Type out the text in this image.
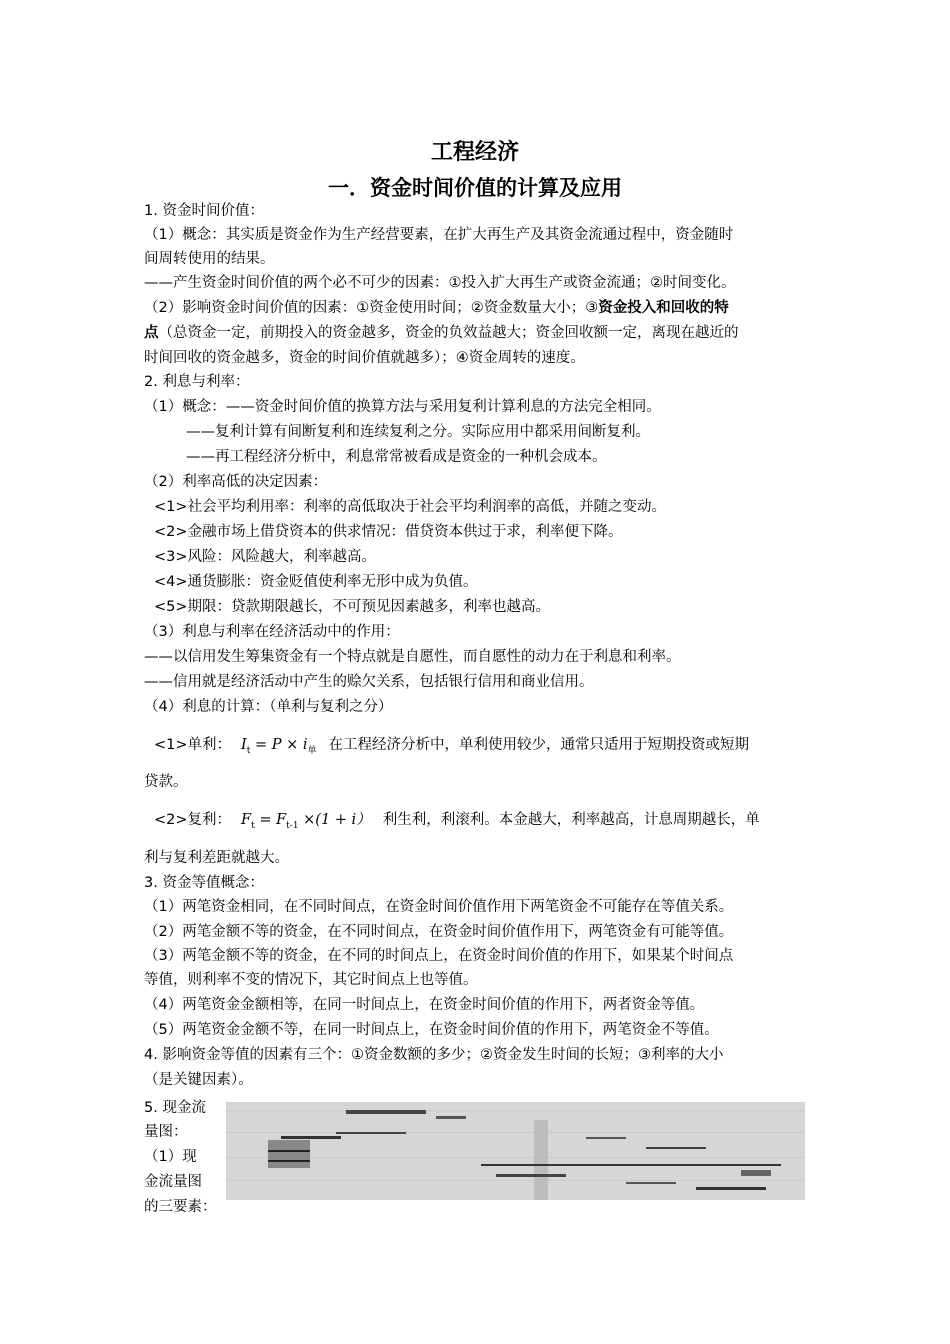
工程经济
一．资金时间价值的计算及应用
1. 资金时间价值：
（1）概念：其实质是资金作为生产经营要素，在扩大再生产及其资金流通过程中，资金随时
间周转使用的结果。
——产生资金时间价值的两个必不可少的因素：①投入扩大再生产或资金流通；②时间变化。
（2）影响资金时间价值的因素：①资金使用时间；②资金数量大小；③资金投入和回收的特
点（总资金一定，前期投入的资金越多，资金的负效益越大；资金回收额一定，离现在越近的
时间回收的资金越多，资金的时间价值就越多）；④资金周转的速度。
2. 利息与利率：
（1）概念：——资金时间价值的换算方法与采用复利计算利息的方法完全相同。
——复利计算有间断复利和连续复利之分。实际应用中都采用间断复利。
——再工程经济分析中，利息常常被看成是资金的一种机会成本。
（2）利率高低的决定因素：
<1>社会平均利用率：利率的高低取决于社会平均利润率的高低，并随之变动。
<2>金融市场上借贷资本的供求情况：借贷资本供过于求，利率便下降。
<3>风险：风险越大，利率越高。
<4>通货膨胀：资金贬值使利率无形中成为负值。
<5>期限：贷款期限越长，不可预见因素越多，利率也越高。
（3）利息与利率在经济活动中的作用：
——以信用发生筹集资金有一个特点就是自愿性，而自愿性的动力在于利息和利率。
——信用就是经济活动中产生的赊欠关系，包括银行信用和商业信用。
（4）利息的计算：（单利与复利之分）
<1>单利： $I_t = P \times i_单$ 在工程经济分析中，单利使用较少，通常只适用于短期投资或短期
贷款。
<2>复利： $F_t = F_{t-1} \times(1 + i)$ 利生利，利滚利。本金越大，利率越高，计息周期越长，单
利与复利差距就越大。
3. 资金等值概念：
（1）两笔资金相同，在不同时间点，在资金时间价值作用下两笔资金不可能存在等值关系。
（2）两笔金额不等的资金，在不同时间点，在资金时间价值作用下，两笔资金有可能等值。
（3）两笔金额不等的资金，在不同的时间点上，在资金时间价值的作用下，如果某个时间点
等值，则利率不变的情况下，其它时间点上也等值。
（4）两笔资金金额相等，在同一时间点上，在资金时间价值的作用下，两者资金等值。
（5）两笔资金金额不等，在同一时间点上，在资金时间价值的作用下，两笔资金不等值。
4. 影响资金等值的因素有三个：①资金数额的多少；②资金发生时间的长短；③利率的大小
（是关键因素）。
5. 现金流
量图：
（1）现
金流量图
的三要素：
